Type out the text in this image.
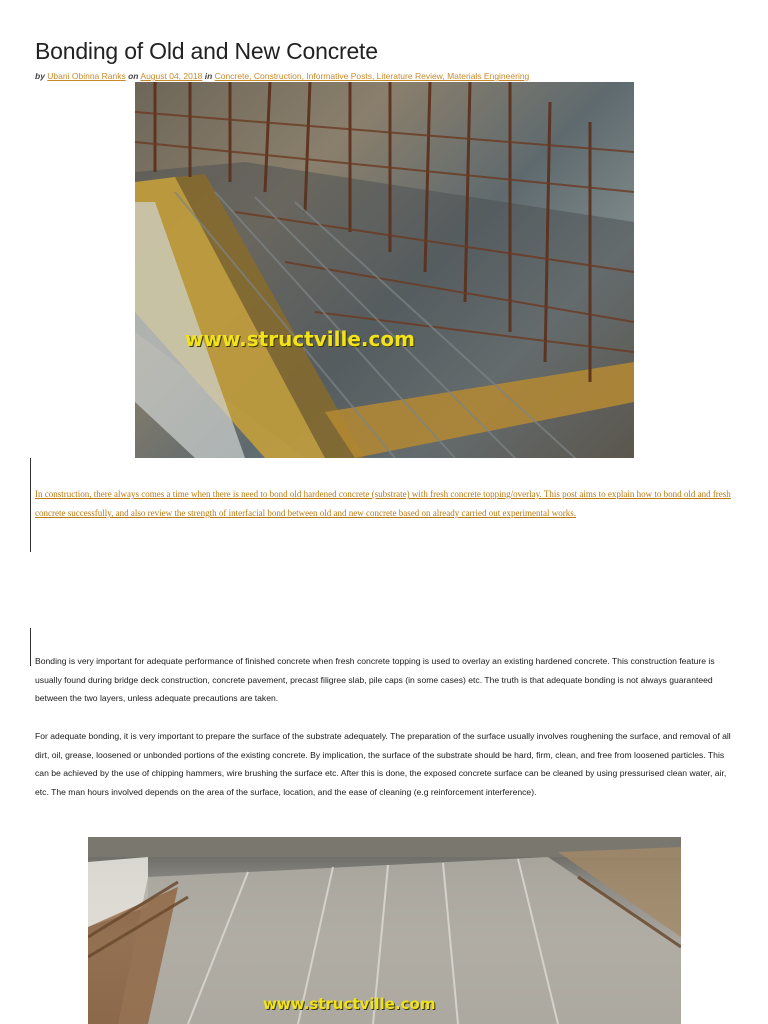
Bonding of Old and New Concrete
by Ubani Obinna Ranks on August 04, 2018 in Concrete, Construction, Informative Posts, Literature Review, Materials Engineering
www.structville.com

In construction, there always comes a time when there is need to bond old hardened concrete (substrate) with fresh concrete topping/overlay. This post aims to explain how to bond old and fresh concrete successfully, and also review the strength of interfacial bond between old and new concrete based on already carried out experimental works.

Bonding is very important for adequate performance of finished concrete when fresh concrete topping is used to overlay an existing hardened concrete. This construction feature is usually found during bridge deck construction, concrete pavement, precast filigree slab, pile caps (in some cases) etc. The truth is that adequate bonding is not always guaranteed between the two layers, unless adequate precautions are taken.

For adequate bonding, it is very important to prepare the surface of the substrate adequately. The preparation of the surface usually involves roughening the surface, and removal of all dirt, oil, grease, loosened or unbonded portions of the existing concrete. By implication, the surface of the substrate should be hard, firm, clean, and free from loosened particles. This can be achieved by the use of chipping hammers, wire brushing the surface etc. After this is done, the exposed concrete surface can be cleaned by using pressurised clean water, air, etc. The man hours involved depends on the area of the surface, location, and the ease of cleaning (e.g reinforcement interference).

www.structville.com
